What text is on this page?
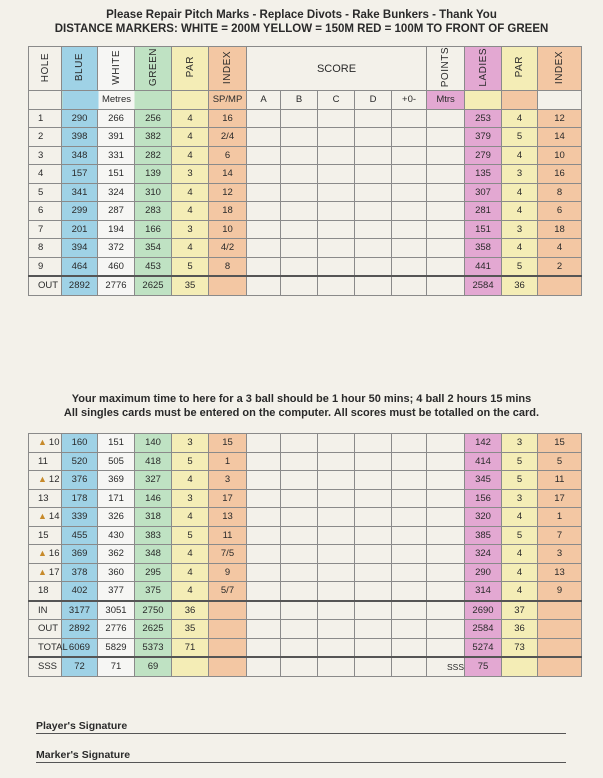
Please Repair Pitch Marks - Replace Divots - Rake Bunkers - Thank You
DISTANCE MARKERS: WHITE = 200M YELLOW = 150M RED = 100M TO FRONT OF GREEN
HOLE	BLUE	WHITE	GREEN	PAR	INDEX	SCORE					POINTS	LADIES	PAR	INDEX	
	Metres				SP/MP	A	B	C	D	+0-	Mtrs				
1	290	266	256	4	16							253	4	12	
2	398	391	382	4	2/4							379	5	14	
3	348	331	282	4	6							279	4	10	
4	157	151	139	3	14							135	3	16	
5	341	324	310	4	12							307	4	8	
6	299	287	283	4	18							281	4	6	
7	201	194	166	3	10							151	3	18	
8	394	372	354	4	4/2							358	4	4	
9	464	460	453	5	8							441	5	2	
OUT	2892	2776	2625	35								2584	36		
Your maximum time to here for a 3 ball should be 1 hour 50 mins; 4 ball 2 hours 15 mins
All singles cards must be entered on the computer. All scores must be totalled on the card.
▲ 10	160	151	140	3	15							142	3	15	
11	520	505	418	5	1							414	5	5	
▲ 12	376	369	327	4	3							345	5	11	
13	178	171	146	3	17							156	3	17	
▲ 14	339	326	318	4	13							320	4	1	
15	455	430	383	5	11							385	5	7	
▲ 16	369	362	348	4	7/5							324	4	3	
▲ 17	378	360	295	4	9							290	4	13	
18	402	377	375	4	5/7							314	4	9	
IN	3177	3051	2750	36								2690	37		
OUT	2892	2776	2625	35								2584	36		
TOTAL	6069	5829	5373	71								5274	73		
SSS	72	71	69								SSS	75			
Player's Signature
Marker's Signature
